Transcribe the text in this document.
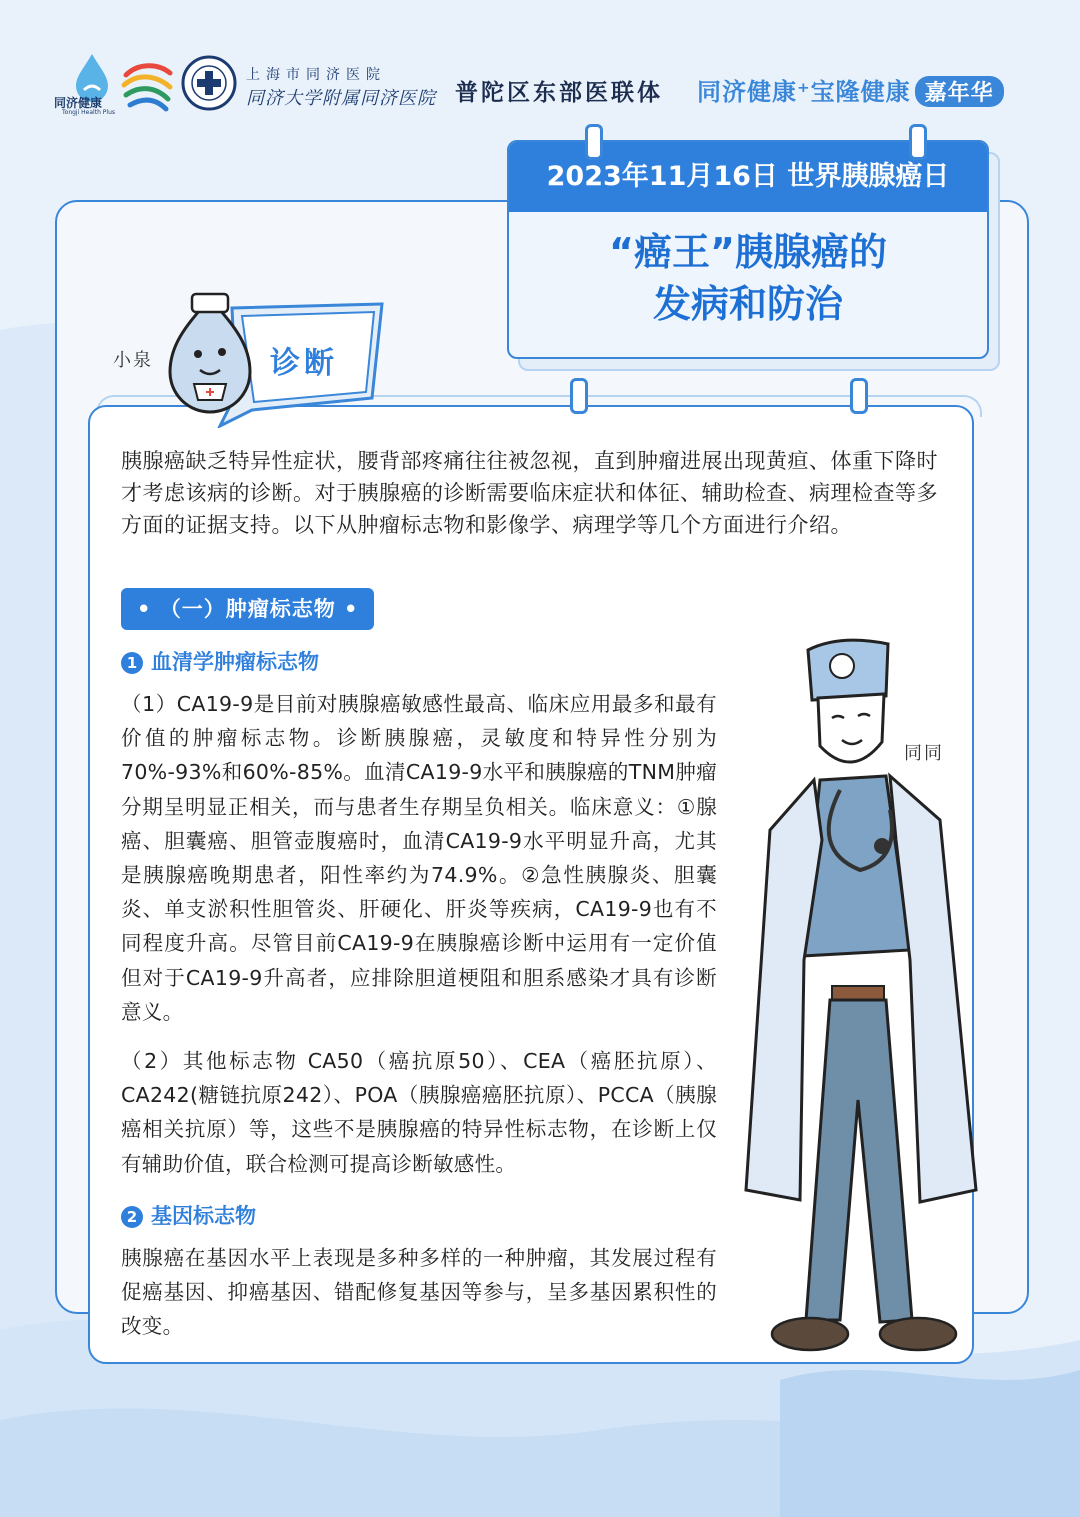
同济健康
Tongji Health Plus
上海市同济医院
同济大学附属同济医院 普陀区东部医联体 同济健康⁺宝隆健康 嘉年华
2023年11月16日 世界胰腺癌日
“癌王”胰腺癌的
发病和防治
诊断
小泉
胰腺癌缺乏特异性症状，腰背部疼痛往往被忽视，直到肿瘤进展出现黄疸、体重下降时才考虑该病的诊断。对于胰腺癌的诊断需要临床症状和体征、辅助检查、病理检查等多方面的证据支持。以下从肿瘤标志物和影像学、病理学等几个方面进行介绍。
• （一）肿瘤标志物 •
1 血清学肿瘤标志物
（1）CA19-9是目前对胰腺癌敏感性最高、临床应用最多和最有价值的肿瘤标志物。诊断胰腺癌，灵敏度和特异性分别为70%-93%和60%-85%。血清CA19-9水平和胰腺癌的TNM肿瘤分期呈明显正相关，而与患者生存期呈负相关。临床意义：①腺癌、胆囊癌、胆管壶腹癌时，血清CA19-9水平明显升高，尤其是胰腺癌晚期患者，阳性率约为74.9%。②急性胰腺炎、胆囊炎、单支淤积性胆管炎、肝硬化、肝炎等疾病，CA19-9也有不同程度升高。尽管目前CA19-9在胰腺癌诊断中运用有一定价值但对于CA19-9升高者，应排除胆道梗阻和胆系感染才具有诊断意义。
（2）其他标志物 CA50（癌抗原50）、CEA（癌胚抗原）、CA242(糖链抗原242）、POA（胰腺癌癌胚抗原）、PCCA（胰腺癌相关抗原）等，这些不是胰腺癌的特异性标志物，在诊断上仅有辅助价值，联合检测可提高诊断敏感性。
2 基因标志物
胰腺癌在基因水平上表现是多种多样的一种肿瘤，其发展过程有促癌基因、抑癌基因、错配修复基因等参与，呈多基因累积性的改变。
同同
